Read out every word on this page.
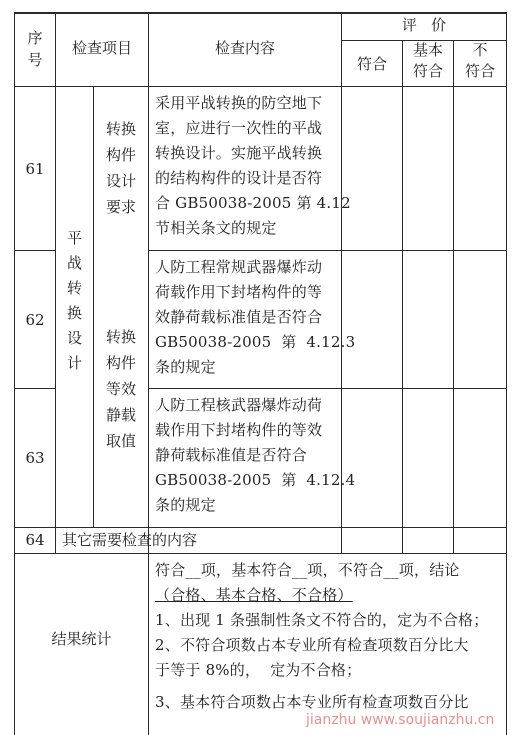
序
号
检查项目	检查内容
评   价
符合
基本
符合
不
符合
61
转换
构件
设计
要求
采用平战转换的防空地下
室，应进行一次性的平战
转换设计。实施平战转换
的结构构件的设计是否符
合 GB50038-2005 第 4.12
节相关条文的规定
平
战
转
换
设
计
62
人防工程常规武器爆炸动
荷载作用下封堵构件的等
效静荷载标准值是否符合
GB50038-2005  第  4.12.3
条的规定
转换
构件
等效
静载
取值
63
人防工程核武器爆炸动荷
载作用下封堵构件的等效
静荷载标准值是否符合
GB50038-2005  第  4.12.4
条的规定
64	其它需要检查的内容
结果统计
符合__项，基本符合__项，不符合__项，结论
（合格、基本合格、不合格）
1、出现 1 条强制性条文不符合的，定为不合格；
2、不符合项数占本专业所有检查项数百分比大
于等于 8%的，  定为不合格；
3、基本符合项数占本专业所有检查项数百分比
jianzhu www.soujianzhu.cn
